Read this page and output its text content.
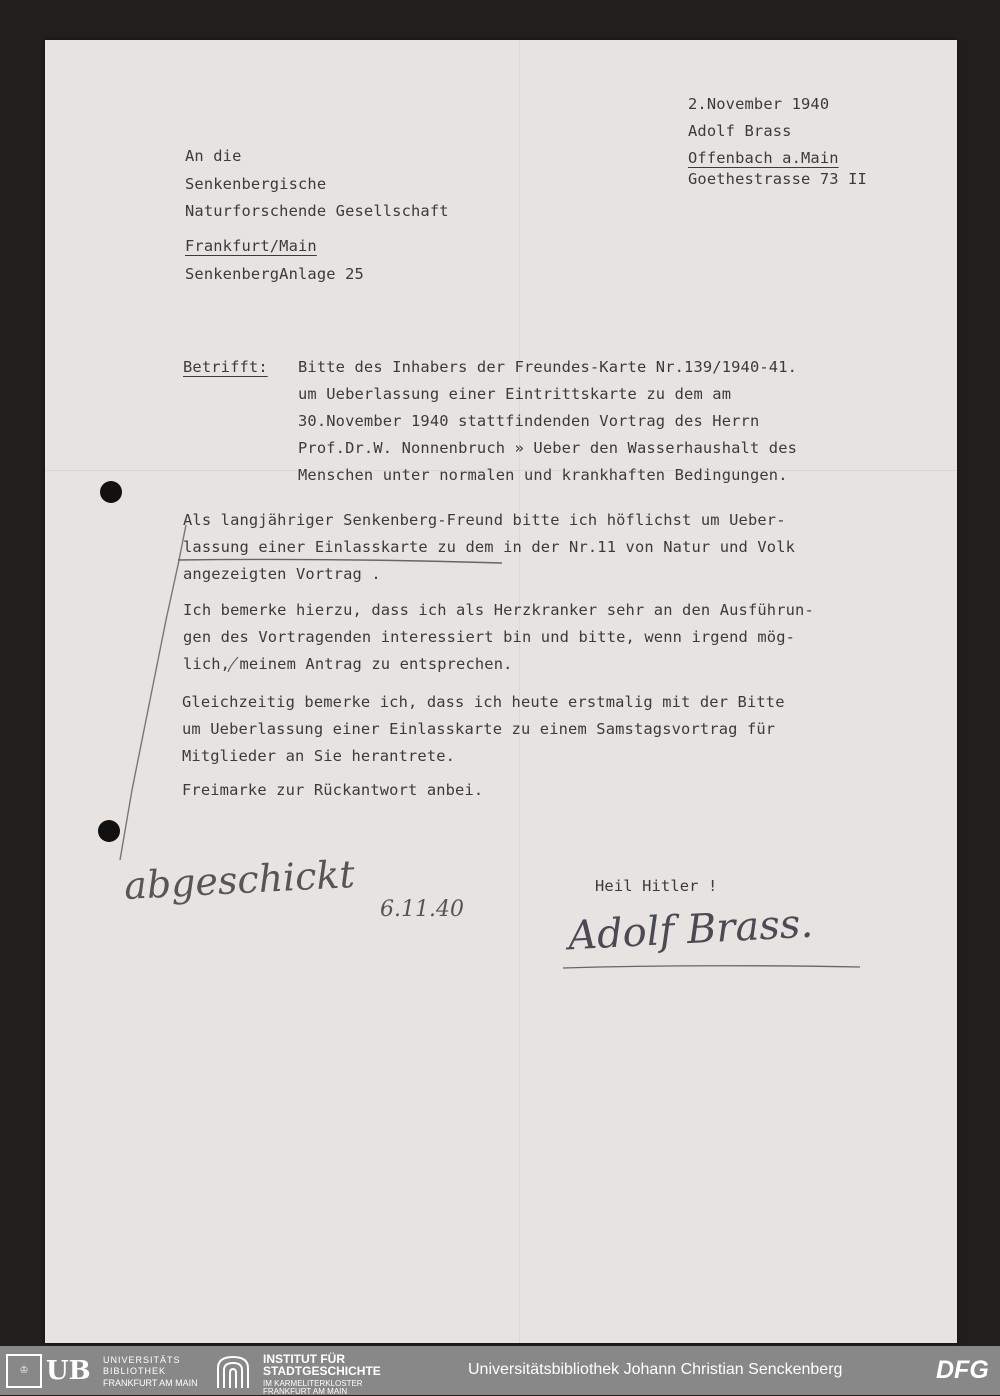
2.November 1940
Adolf Brass
Offenbach a.Main
Goethestrasse 73 II
An die
Senkenbergische
Naturforschende Gesellschaft
Frankfurt/Main
SenkenbergAnlage 25
Betrifft: Bitte des Inhabers der Freundes-Karte Nr.139/1940-41.
um Ueberlassung einer Eintrittskarte zu dem am
30.November 1940 stattfindenden Vortrag des Herrn
Prof.Dr.W. Nonnenbruch » Ueber den Wasserhaushalt des
Menschen unter normalen und krankhaften Bedingungen.
Als langjähriger Senkenberg-Freund bitte ich höflichst um Ueber-
lassung einer Einlasskarte zu dem in der Nr.11 von Natur und Volk
angezeigten Vortrag .
Ich bemerke hierzu, dass ich als Herzkranker sehr an den Ausführun-
gen des Vortragenden interessiert bin und bitte, wenn irgend mög-
lich, meinem Antrag zu entsprechen.
Gleichzeitig bemerke ich, dass ich heute erstmalig mit der Bitte
um Ueberlassung einer Einlasskarte zu einem Samstagsvortrag für
Mitglieder an Sie herantrete.
Freimarke zur Rückantwort anbei.
Heil Hitler !
abgeschickt
6.11.40	Adolf Brass.
♔ UB UNIVERSITÄTS
BIBLIOTHEK
FRANKFURT AM MAIN
INSTITUT FÜR
STADTGESCHICHTE
IM KARMELITERKLOSTER
FRANKFURT AM MAIN
Universitätsbibliothek Johann Christian Senckenberg	DFG
